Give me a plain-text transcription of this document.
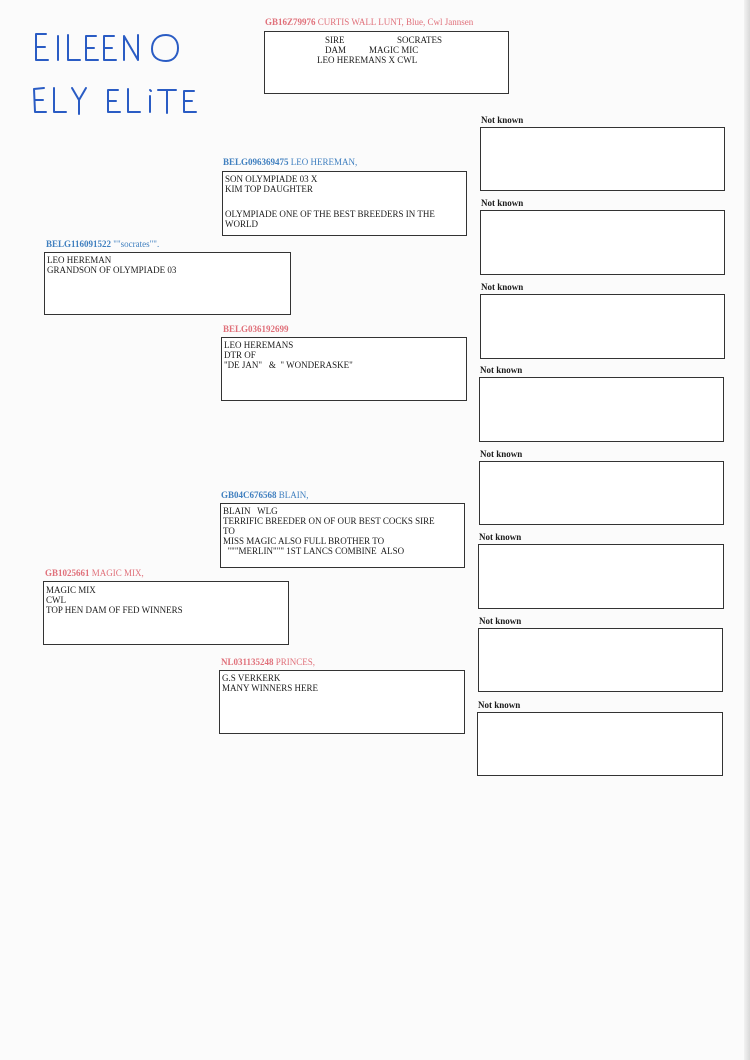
GB16Z79976 CURTIS WALL LUNT, Blue, Cwl Jannsen
SIRE	SOCRATES
DAM	MAGIC MIC
LEO HEREMANS X CWL
BELG116091522 ""socrates"".
LEO HEREMAN
GRANDSON OF OLYMPIADE 03
BELG096369475 LEO HEREMAN,
SON OLYMPIADE 03 X
KIM TOP DAUGHTER
OLYMPIADE ONE OF THE BEST BREEDERS IN THE
WORLD
BELG036192699
LEO HEREMANS
DTR OF
"DE JAN"   &  " WONDERASKE"
GB1025661 MAGIC MIX,
MAGIC MIX
CWL
TOP HEN DAM OF FED WINNERS
GB04C676568 BLAIN,
BLAIN   WLG
TERRIFIC BREEDER ON OF OUR BEST COCKS SIRE
TO
MISS MAGIC ALSO FULL BROTHER TO
"""MERLIN""" 1ST LANCS COMBINE  ALSO
NL031135248 PRINCES,
G.S VERKERK
MANY WINNERS HERE
Not known
Not known
Not known
Not known
Not known
Not known
Not known
Not known
